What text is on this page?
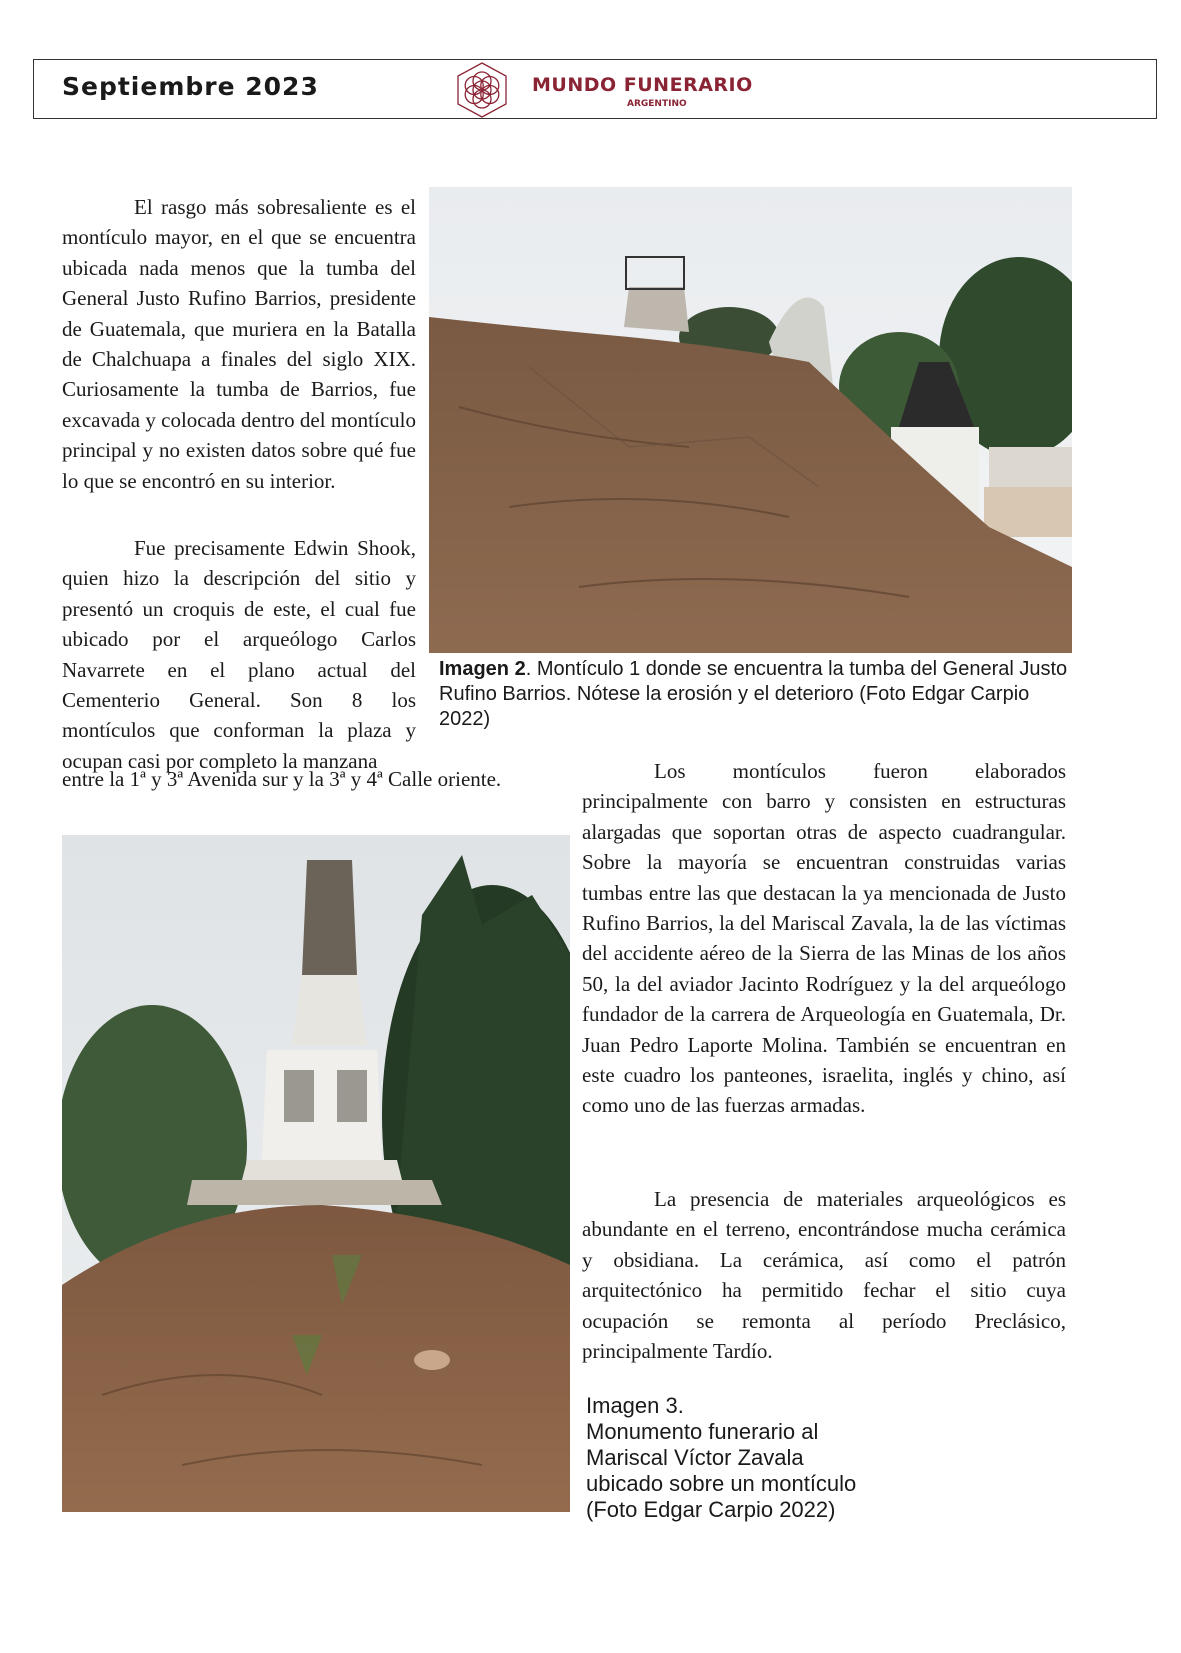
Septiembre 2023	MUNDO FUNERARIO
ARGENTINO

El rasgo más sobresaliente es el montículo mayor, en el que se encuentra ubicada nada menos que la tumba del General Justo Rufino Barrios, presidente de Guatemala, que muriera en la Batalla de Chalchuapa a finales del siglo XIX. Curiosamente la tumba de Barrios, fue excavada y colocada dentro del montículo principal y no existen datos sobre qué fue lo que se encontró en su interior.

Fue precisamente Edwin Shook, quien hizo la descripción del sitio y presentó un croquis de este, el cual fue ubicado por el arqueólogo Carlos Navarrete en el plano actual del Cementerio General. Son 8 los montículos que conforman la plaza y ocupan casi por completo la manzana

entre la 1ª y 3ª Avenida sur y la 3ª y 4ª Calle oriente.
Imagen 2. Montículo 1 donde se encuentra la tumba del General Justo Rufino Barrios. Nótese la erosión y el deterioro (Foto Edgar Carpio 2022)

Los montículos fueron elaborados principalmente con barro y consisten en estructuras alargadas que soportan otras de aspecto cuadrangular. Sobre la mayoría se encuentran construidas varias tumbas entre las que destacan la ya mencionada de Justo Rufino Barrios, la del Mariscal Zavala, la de las víctimas del accidente aéreo de la Sierra de las Minas de los años 50, la del aviador Jacinto Rodríguez y la del arqueólogo fundador de la carrera de Arqueología en Guatemala, Dr. Juan Pedro Laporte Molina. También se encuentran en este cuadro los panteones, israelita, inglés y chino, así como uno de las fuerzas armadas.

La presencia de materiales arqueológicos es abundante en el terreno, encontrándose mucha cerámica y obsidiana. La cerámica, así como el patrón arquitectónico ha permitido fechar el sitio cuya ocupación se remonta al período Preclásico, principalmente Tardío.

Imagen 3.
Monumento funerario al
Mariscal Víctor Zavala
ubicado sobre un montículo
(Foto Edgar Carpio 2022)
